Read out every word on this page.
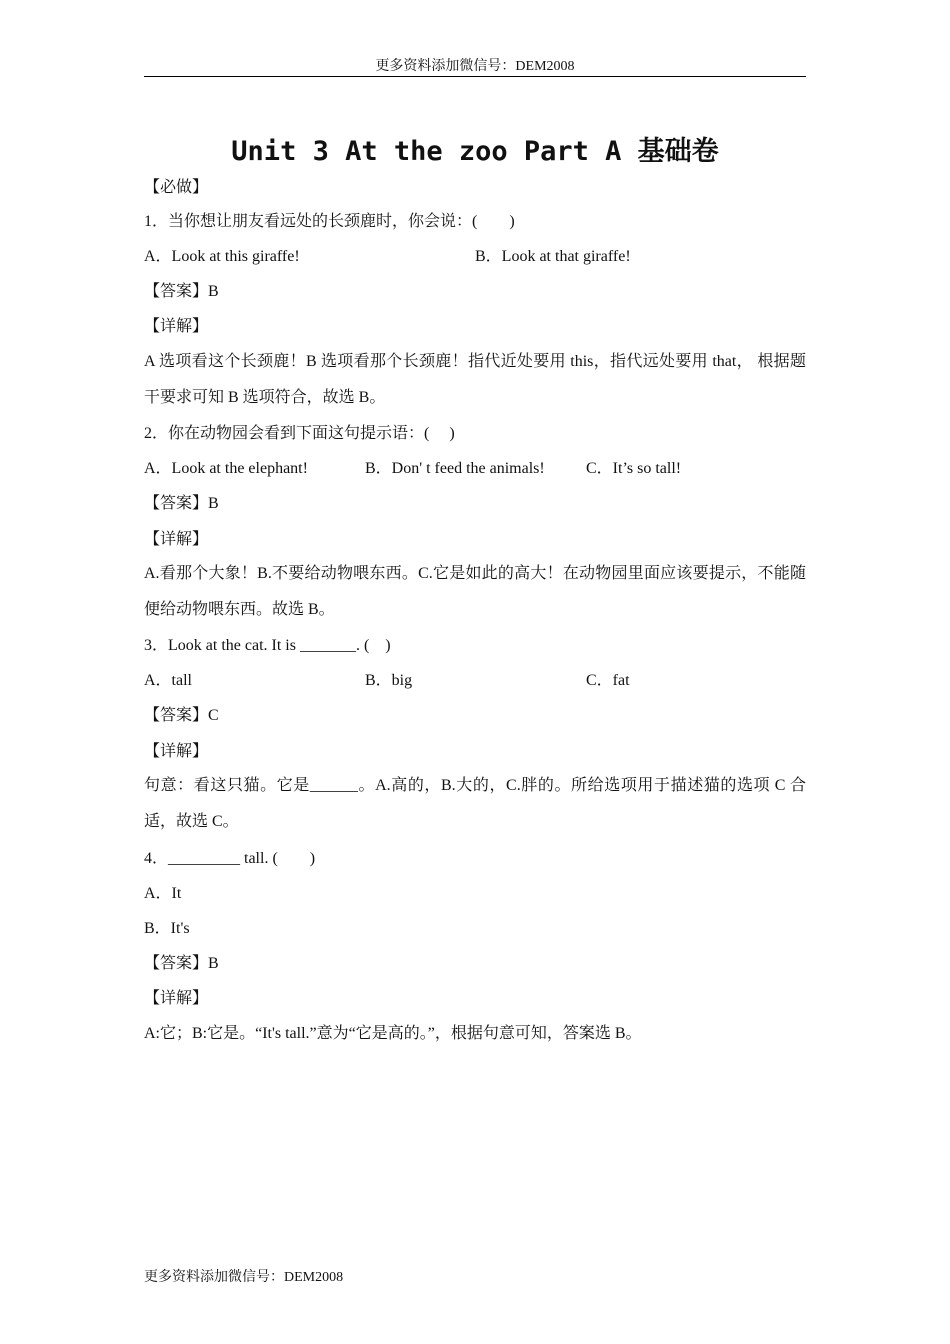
更多资料添加微信号：DEM2008
Unit 3 At the zoo Part A 基础卷
【必做】
1．当你想让朋友看远处的长颈鹿时，你会说：(　　)
A．Look at this giraffe!	B．Look at that giraffe!
【答案】B
【详解】
A 选项看这个长颈鹿！B 选项看那个长颈鹿！指代近处要用 this，指代远处要用 that， 根据题干要求可知 B 选项符合，故选 B。
2．你在动物园会看到下面这句提示语：(　 )
A．Look at the elephant!	B．Don' t feed the animals!	C．It’s so tall!
【答案】B
【详解】
A.看那个大象！B.不要给动物喂东西。C.它是如此的高大！在动物园里面应该要提示，不能随便给动物喂东西。故选 B。
3．Look at the cat. It is _______. (　)
A．tall	B．big	C．fat
【答案】C
【详解】
句意：看这只猫。它是______。A.高的，B.大的，C.胖的。所给选项用于描述猫的选项 C 合适，故选 C。
4．_________ tall. (　　)
A．It
B．It's
【答案】B
【详解】
A:它；B:它是。“It's tall.”意为“它是高的。”，根据句意可知，答案选 B。
更多资料添加微信号：DEM2008
